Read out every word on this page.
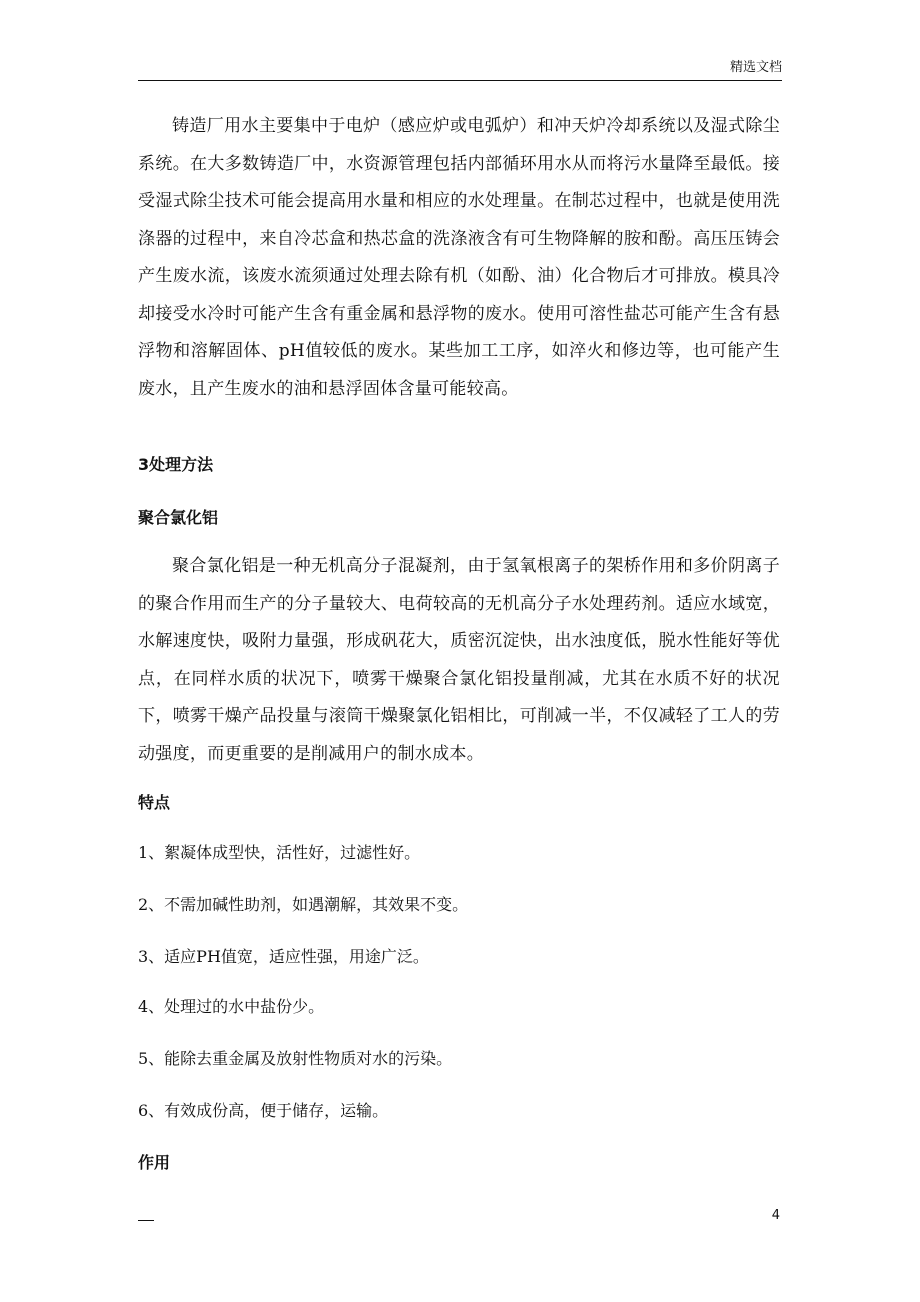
精选文档

铸造厂用水主要集中于电炉（感应炉或电弧炉）和冲天炉冷却系统以及湿式除尘系统。在大多数铸造厂中，水资源管理包括内部循环用水从而将污水量降至最低。接受湿式除尘技术可能会提高用水量和相应的水处理量。在制芯过程中，也就是使用洗涤器的过程中，来自冷芯盒和热芯盒的洗涤液含有可生物降解的胺和酚。高压压铸会产生废水流，该废水流须通过处理去除有机（如酚、油）化合物后才可排放。模具冷却接受水冷时可能产生含有重金属和悬浮物的废水。使用可溶性盐芯可能产生含有悬浮物和溶解固体、pH值较低的废水。某些加工工序，如淬火和修边等，也可能产生废水，且产生废水的油和悬浮固体含量可能较高。

3处理方法
聚合氯化铝

聚合氯化铝是一种无机高分子混凝剂，由于氢氧根离子的架桥作用和多价阴离子的聚合作用而生产的分子量较大、电荷较高的无机高分子水处理药剂。适应水域宽，水解速度快，吸附力量强，形成矾花大，质密沉淀快，出水浊度低，脱水性能好等优点，在同样水质的状况下，喷雾干燥聚合氯化铝投量削减，尤其在水质不好的状况下，喷雾干燥产品投量与滚筒干燥聚氯化铝相比，可削减一半，不仅减轻了工人的劳动强度，而更重要的是削减用户的制水成本。

特点
1、絮凝体成型快，活性好，过滤性好。
2、不需加碱性助剂，如遇潮解，其效果不变。
3、适应PH值宽，适应性强，用途广泛。
4、处理过的水中盐份少。
5、能除去重金属及放射性物质对水的污染。
6、有效成份高，便于储存，运输。
作用
4
